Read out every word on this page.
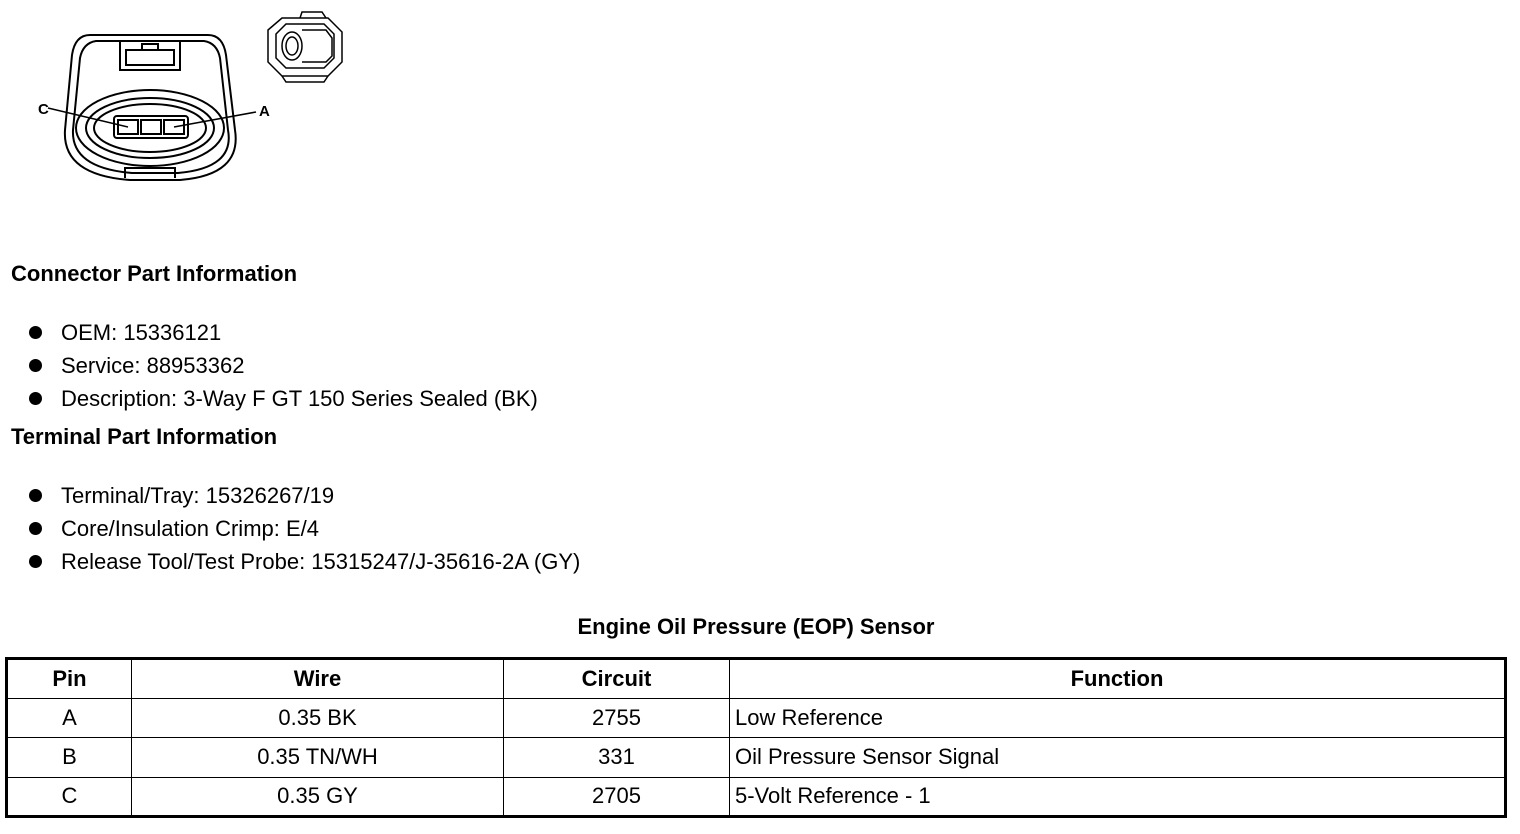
C	A
Connector Part Information
OEM: 15336121
Service: 88953362
Description: 3-Way F GT 150 Series Sealed (BK)
Terminal Part Information
Terminal/Tray: 15326267/19
Core/Insulation Crimp: E/4
Release Tool/Test Probe: 15315247/J-35616-2A (GY)
Engine Oil Pressure (EOP) Sensor
Pin	Wire	Circuit	Function
A	0.35 BK	2755	Low Reference
B	0.35 TN/WH	331	Oil Pressure Sensor Signal
C	0.35 GY	2705	5-Volt Reference - 1
